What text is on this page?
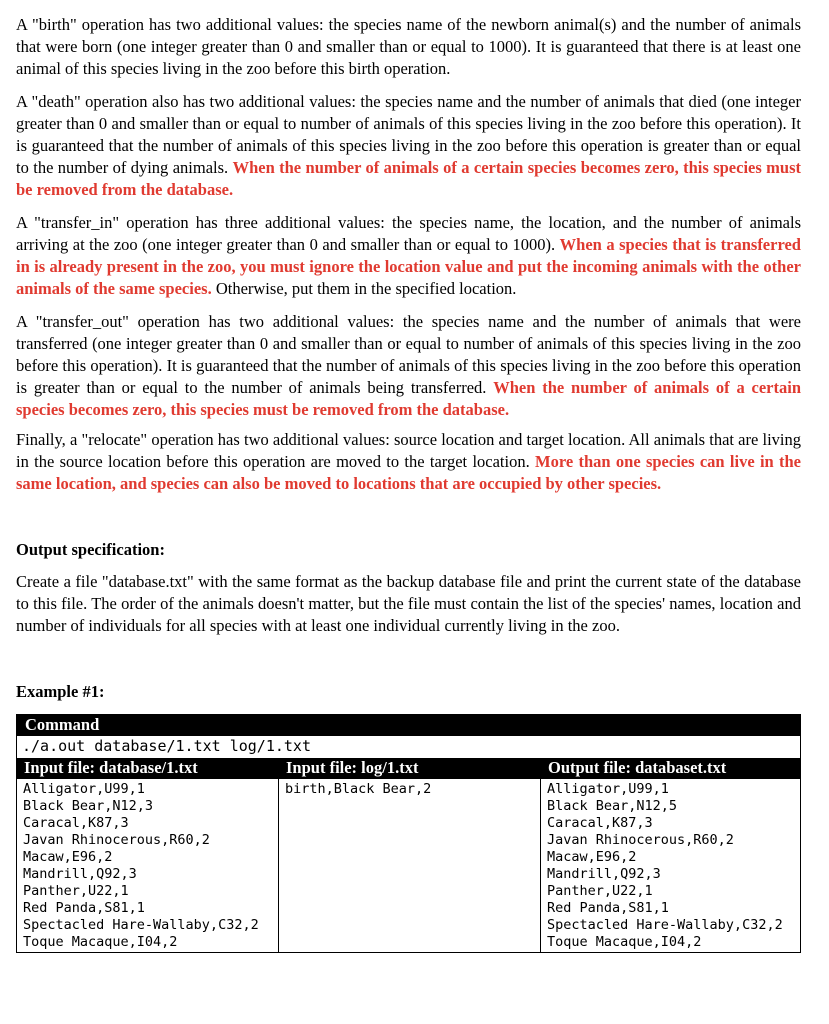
A "birth" operation has two additional values: the species name of the newborn animal(s) and the number of animals that were born (one integer greater than 0 and smaller than or equal to 1000). It is guaranteed that there is at least one animal of this species living in the zoo before this birth operation.

A "death" operation also has two additional values: the species name and the number of animals that died (one integer greater than 0 and smaller than or equal to number of animals of this species living in the zoo before this operation). It is guaranteed that the number of animals of this species living in the zoo before this operation is greater than or equal to the number of dying animals. When the number of animals of a certain species becomes zero, this species must be removed from the database.

A "transfer_in" operation has three additional values: the species name, the location, and the number of animals arriving at the zoo (one integer greater than 0 and smaller than or equal to 1000). When a species that is transferred in is already present in the zoo, you must ignore the location value and put the incoming animals with the other animals of the same species. Otherwise, put them in the specified location.

A "transfer_out" operation has two additional values: the species name and the number of animals that were transferred (one integer greater than 0 and smaller than or equal to number of animals of this species living in the zoo before this operation). It is guaranteed that the number of animals of this species living in the zoo before this operation is greater than or equal to the number of animals being transferred. When the number of animals of a certain species becomes zero, this species must be removed from the database.

Finally, a "relocate" operation has two additional values: source location and target location. All animals that are living in the source location before this operation are moved to the target location. More than one species can live in the same location, and species can also be moved to locations that are occupied by other species.

Output specification:

Create a file "database.txt" with the same format as the backup database file and print the current state of the database to this file. The order of the animals doesn't matter, but the file must contain the list of the species' names, location and number of individuals for all species with at least one individual currently living in the zoo.

Example #1:

Command
./a.out database/1.txt log/1.txt
Input file: database/1.txt
Alligator,U99,1
Black Bear,N12,3
Caracal,K87,3
Javan Rhinocerous,R60,2
Macaw,E96,2
Mandrill,Q92,3
Panther,U22,1
Red Panda,S81,1
Spectacled Hare-Wallaby,C32,2
Toque Macaque,I04,2
Input file: log/1.txt
birth,Black Bear,2
Output file: databaset.txt
Alligator,U99,1
Black Bear,N12,5
Caracal,K87,3
Javan Rhinocerous,R60,2
Macaw,E96,2
Mandrill,Q92,3
Panther,U22,1
Red Panda,S81,1
Spectacled Hare-Wallaby,C32,2
Toque Macaque,I04,2
